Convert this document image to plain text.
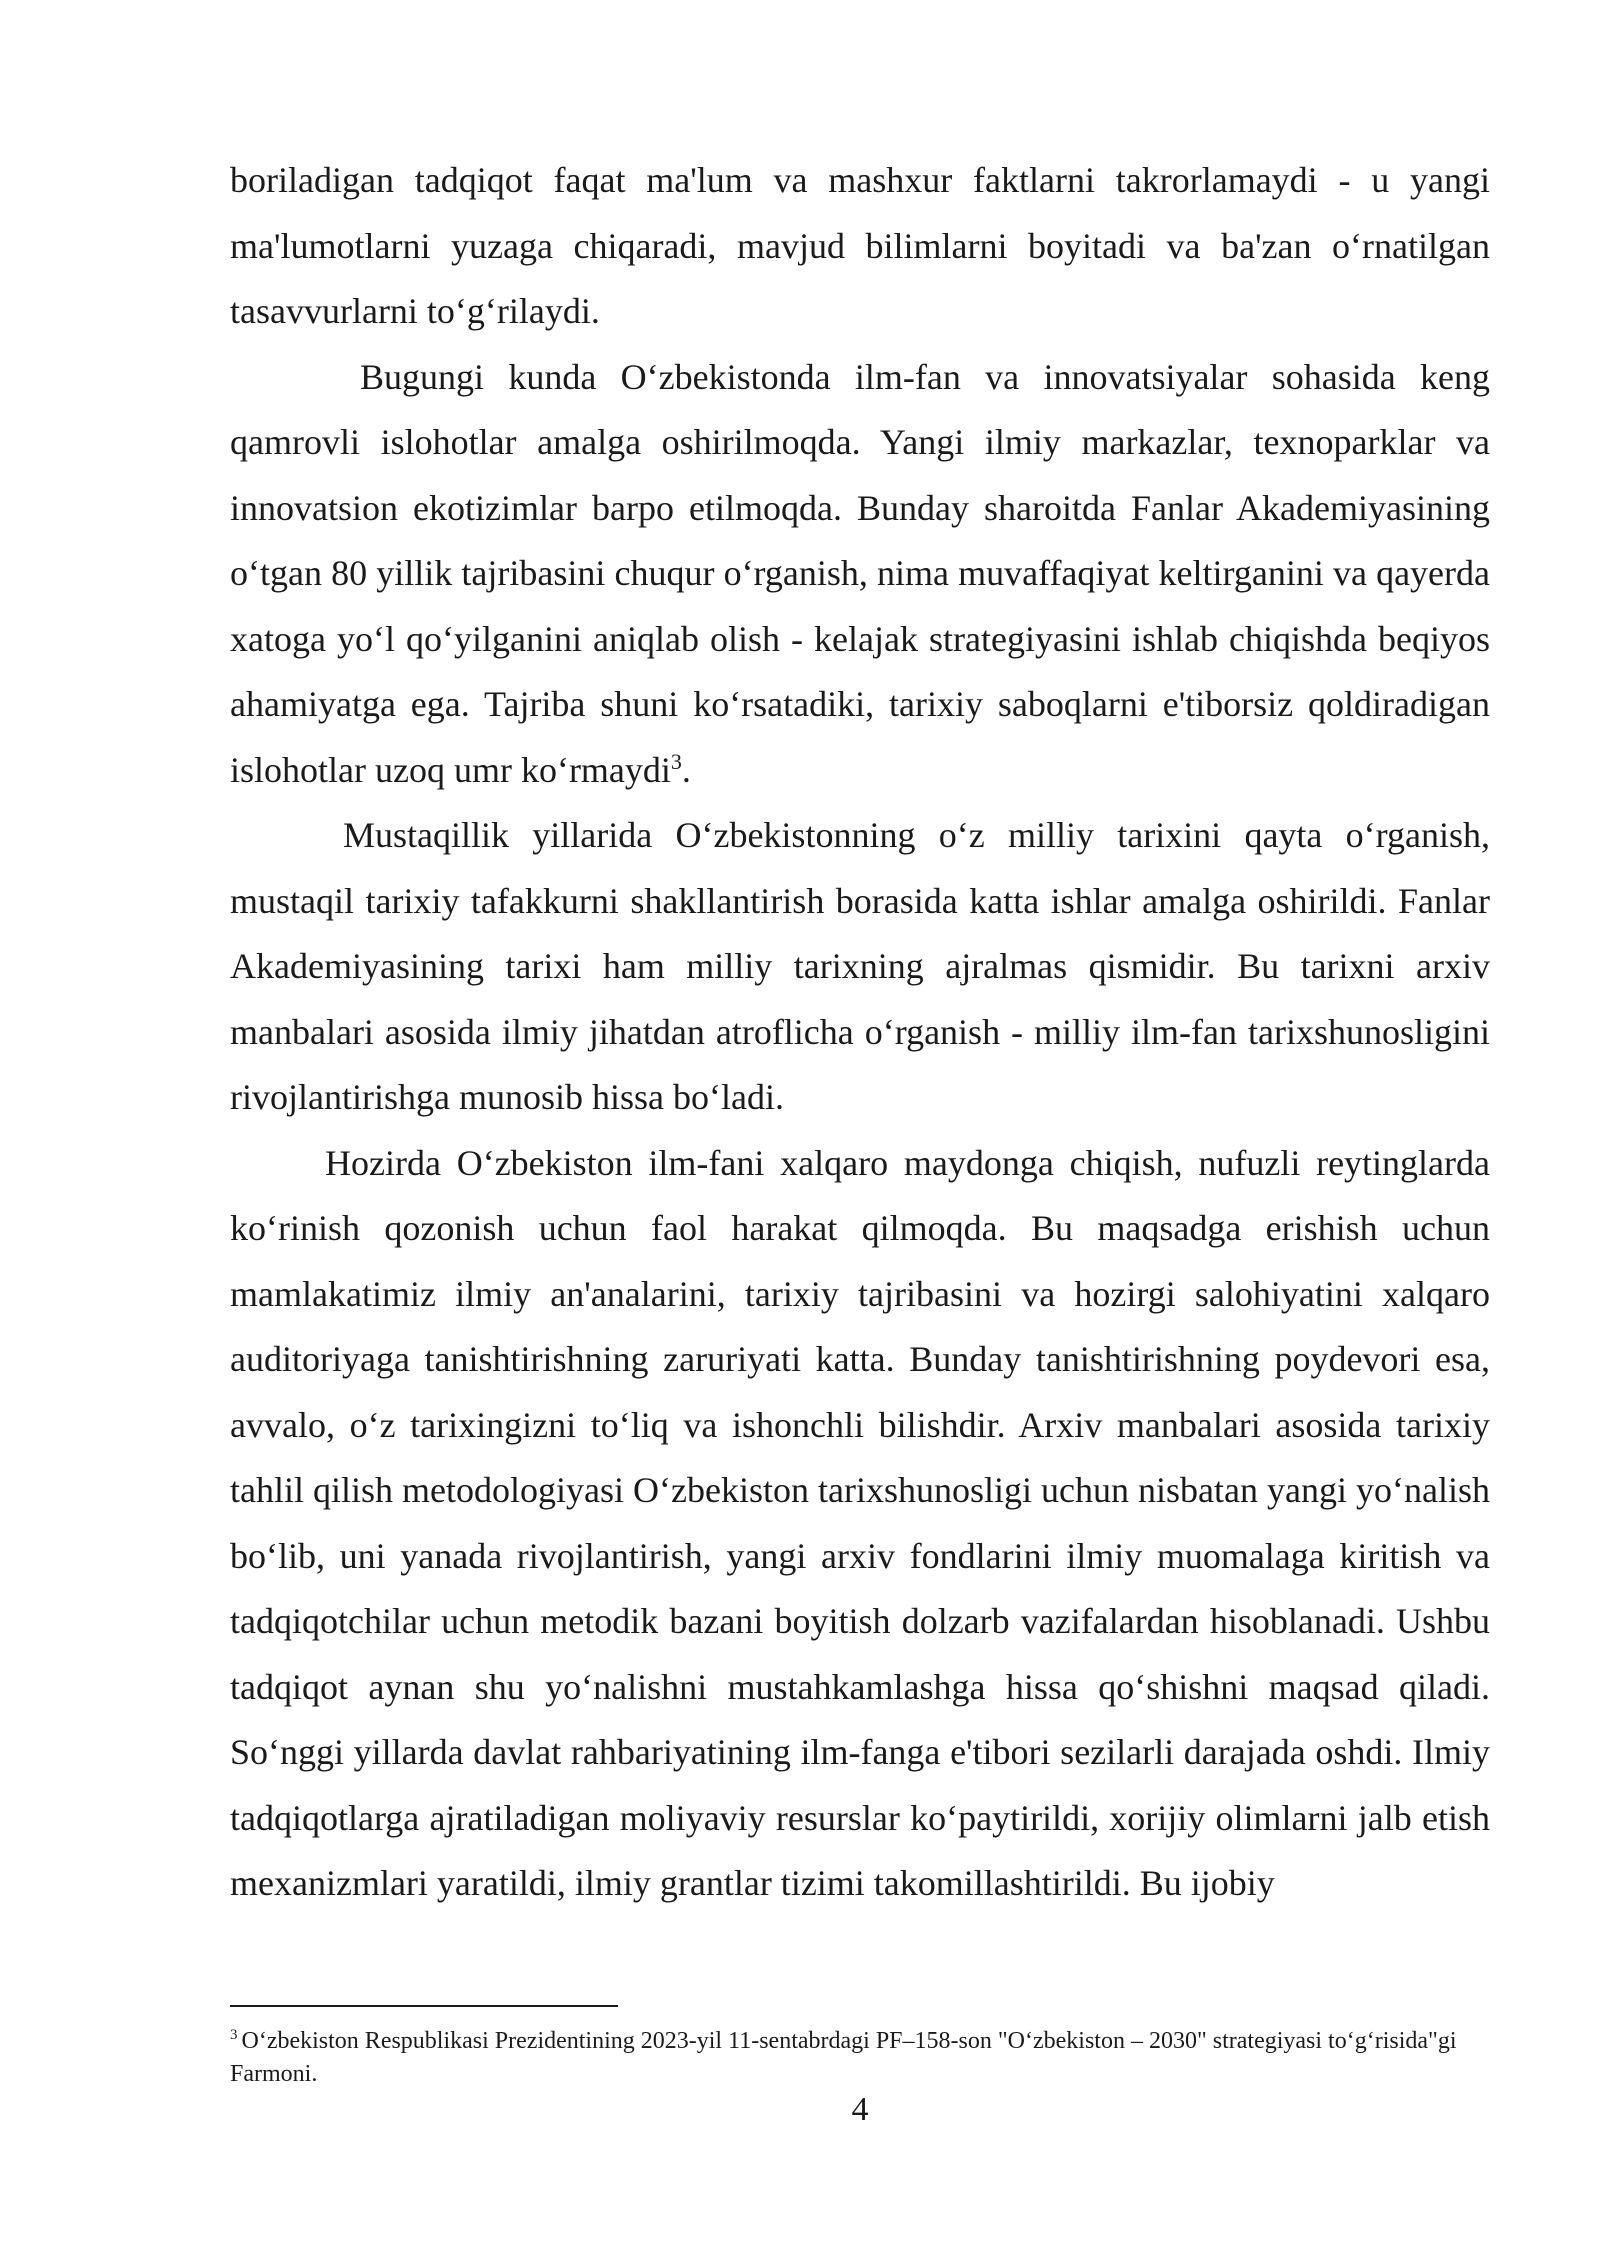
boriladigan tadqiqot faqat ma'lum va mashxur faktlarni takrorlamaydi - u yangi ma'lumotlarni yuzaga chiqaradi, mavjud bilimlarni boyitadi va ba'zan oʻrnatilgan tasavvurlarni toʻgʻrilaydi.

Bugungi kunda Oʻzbekistonda ilm-fan va innovatsiyalar sohasida keng qamrovli islohotlar amalga oshirilmoqda. Yangi ilmiy markazlar, texnoparklar va innovatsion ekotizimlar barpo etilmoqda. Bunday sharoitda Fanlar Akademiyasining oʻtgan 80 yillik tajribasini chuqur oʻrganish, nima muvaffaqiyat keltirganini va qayerda xatoga yoʻl qoʻyilganini aniqlab olish - kelajak strategiyasini ishlab chiqishda beqiyos ahamiyatga ega. Tajriba shuni koʻrsatadiki, tarixiy saboqlarni e'tiborsiz qoldiradigan islohotlar uzoq umr koʻrmaydi$^3$.

Mustaqillik yillarida Oʻzbekistonning oʻz milliy tarixini qayta oʻrganish, mustaqil tarixiy tafakkurni shakllantirish borasida katta ishlar amalga oshirildi. Fanlar Akademiyasining tarixi ham milliy tarixning ajralmas qismidir. Bu tarixni arxiv manbalari asosida ilmiy jihatdan atroflicha oʻrganish - milliy ilm-fan tarixshunosligini rivojlantirishga munosib hissa boʻladi.

Hozirda Oʻzbekiston ilm-fani xalqaro maydonga chiqish, nufuzli reytinglarda koʻrinish qozonish uchun faol harakat qilmoqda. Bu maqsadga erishish uchun mamlakatimiz ilmiy an'analarini, tarixiy tajribasini va hozirgi salohiyatini xalqaro auditoriyaga tanishtirishning zaruriyati katta. Bunday tanishtirishning poydevori esa, avvalo, oʻz tarixingizni toʻliq va ishonchli bilishdir. Arxiv manbalari asosida tarixiy tahlil qilish metodologiyasi Oʻzbekiston tarixshunosligi uchun nisbatan yangi yoʻnalish boʻlib, uni yanada rivojlantirish, yangi arxiv fondlarini ilmiy muomalaga kiritish va tadqiqotchilar uchun metodik bazani boyitish dolzarb vazifalardan hisoblanadi. Ushbu tadqiqot aynan shu yoʻnalishni mustahkamlashga hissa qoʻshishni maqsad qiladi. Soʻnggi yillarda davlat rahbariyatining ilm-fanga e'tibori sezilarli darajada oshdi. Ilmiy tadqiqotlarga ajratiladigan moliyaviy resurslar koʻpaytirildi, xorijiy olimlarni jalb etish mexanizmlari yaratildi, ilmiy grantlar tizimi takomillashtirildi. Bu ijobiy

$^3$ Oʻzbekiston Respublikasi Prezidentining 2023-yil 11-sentabrdagi PF–158-son "Oʻzbekiston – 2030" strategiyasi toʻgʻrisida"gi Farmoni.
4
